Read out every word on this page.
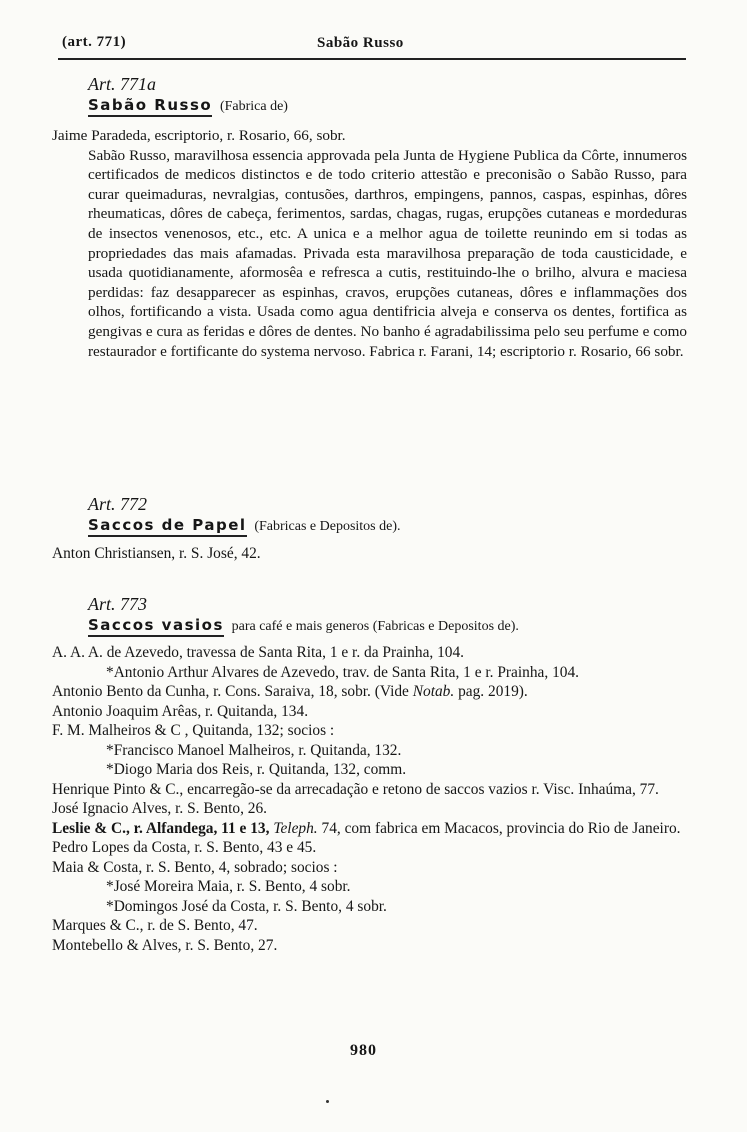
(art. 771)	Sabão Russo
Art. 771a
Sabão Russo (Fabrica de)
Jaime Paradeda, escriptorio, r. Rosario, 66, sobr.
Sabão Russo, maravilhosa essencia approvada pela Junta de Hygiene Publica da Côrte, innumeros certificados de medicos distinctos e de todo criterio attestão e preconisão o Sabão Russo, para curar queimaduras, nevralgias, contusões, darthros, empingens, pannos, caspas, espinhas, dôres rheumaticas, dôres de cabeça, ferimentos, sardas, chagas, rugas, erupções cutaneas e mordeduras de insectos venenosos, etc., etc. A unica e a melhor agua de toilette reunindo em si todas as propriedades das mais afamadas. Privada esta maravilhosa preparação de toda causticidade, e usada quotidianamente, aformosêa e refresca a cutis, restituindo-lhe o brilho, alvura e maciesa perdidas: faz desapparecer as espinhas, cravos, erupções cutaneas, dôres e inflammações dos olhos, fortificando a vista. Usada como agua dentifricia alveja e conserva os dentes, fortifica as gengivas e cura as feridas e dôres de dentes. No banho é agradabilissima pelo seu perfume e como restaurador e fortificante do systema nervoso. Fabrica r. Farani, 14; escriptorio r. Rosario, 66 sobr.
Art. 772
Saccos de Papel (Fabricas e Depositos de).
Anton Christiansen, r. S. José, 42.
Art. 773
Saccos vasios para café e mais generos (Fabricas e Depositos de).
A. A. A. de Azevedo, travessa de Santa Rita, 1 e r. da Prainha, 104.
*Antonio Arthur Alvares de Azevedo, trav. de Santa Rita, 1 e r. Prainha, 104.
Antonio Bento da Cunha, r. Cons. Saraiva, 18, sobr. (Vide Notab. pag. 2019).
Antonio Joaquim Arêas, r. Quitanda, 134.
F. M. Malheiros & C , Quitanda, 132; socios :
*Francisco Manoel Malheiros, r. Quitanda, 132.
*Diogo Maria dos Reis, r. Quitanda, 132, comm.
Henrique Pinto & C., encarregão-se da arrecadação e retono de saccos vazios r. Visc. Inhaúma, 77.
José Ignacio Alves, r. S. Bento, 26.
Leslie & C., r. Alfandega, 11 e 13, Teleph. 74, com fabrica em Macacos, provincia do Rio de Janeiro.
Pedro Lopes da Costa, r. S. Bento, 43 e 45.
Maia & Costa, r. S. Bento, 4, sobrado; socios :
*José Moreira Maia, r. S. Bento, 4 sobr.
*Domingos José da Costa, r. S. Bento, 4 sobr.
Marques & C., r. de S. Bento, 47.
Montebello & Alves, r. S. Bento, 27.
980
